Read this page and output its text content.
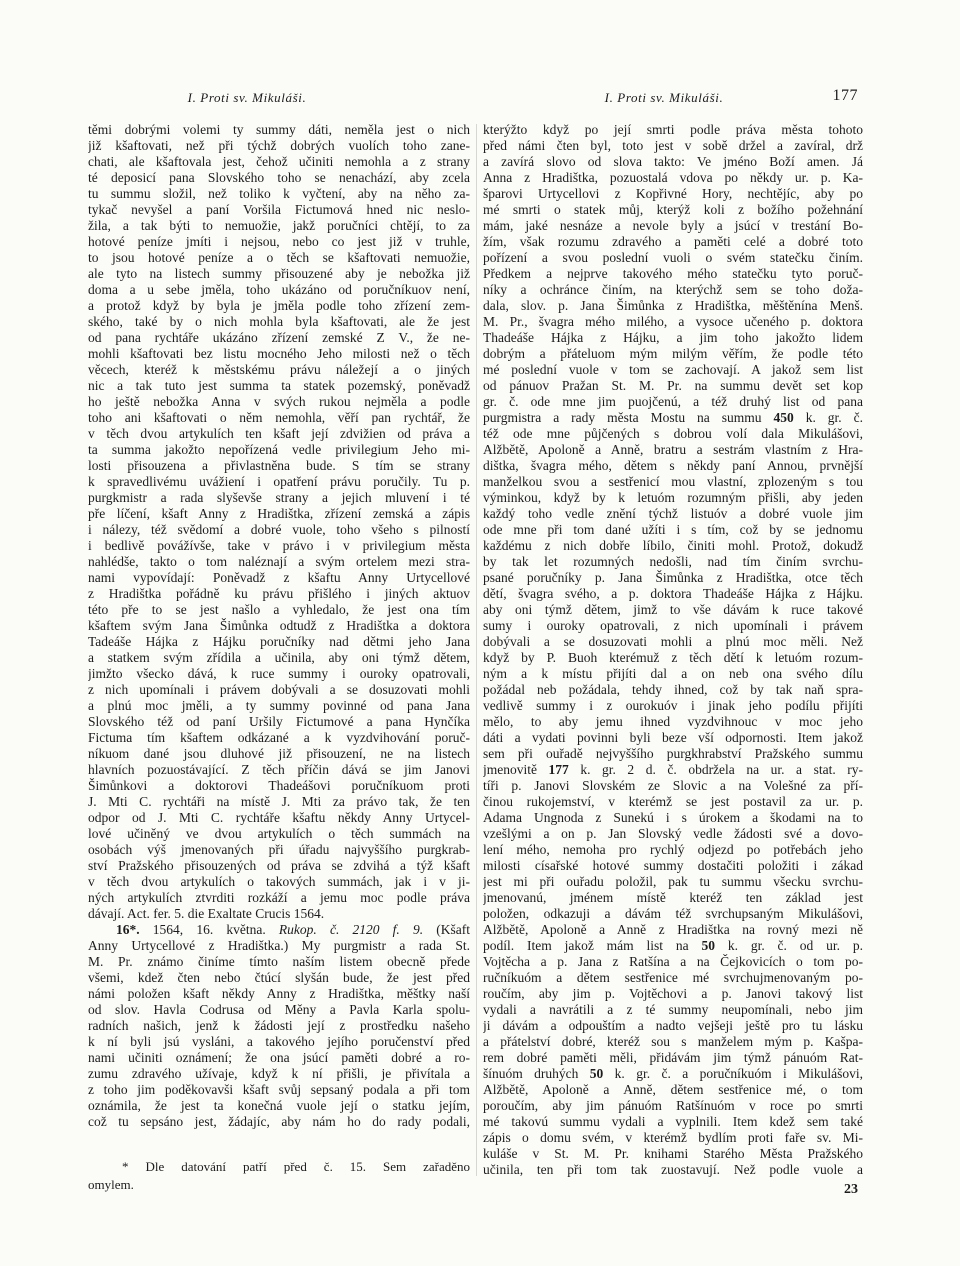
I. Proti sv. Mikuláši.	I. Proti sv. Mikuláši.	177
těmi dobrými volemi ty summy dáti, neměla jest o nich
již kšaftovati, než při týchž dobrých vuolích toho zane-
chati, ale kšaftovala jest, čehož učiniti nemohla a z strany
té deposicí pana Slovského toho se nenachází, aby zcela
tu summu složil, než toliko k vyčtení, aby na něho za-
tykač nevyšel a paní Voršila Fictumová hned nic neslo-
žila, a tak býti to nemuožie, jakž poručníci chtějí, to za
hotové peníze jmíti i nejsou, nebo co jest již v truhle,
to jsou hotové peníze a o těch se kšaftovati nemuožie,
ale tyto na listech summy přisouzené aby je nebožka již
doma a u sebe jměla, toho ukázáno od poručníkuov není,
a protož když by byla je jměla podle toho zřízení zem-
ského, také by o nich mohla byla kšaftovati, ale že jest
od pana rychtáře ukázáno zřízení zemské Z V., že ne-
mohli kšaftovati bez listu mocného Jeho milosti než o těch
věcech, kteréž k městskému právu náležejí a o jiných
nic a tak tuto jest summa ta statek pozemský, poněvadž
ho ještě nebožka Anna v svých rukou nejměla a podle
toho ani kšaftovati o něm nemohla, věří pan rychtář, že
v těch dvou artykulích ten kšaft její zdvižien od práva a
ta summa jakožto nepořízená vedle privilegium Jeho mi-
losti přisouzena a přivlastněna bude. S tím se strany
k spravedlivému uvážiení i opatření právu poručily. Tu p.
purgkmistr a rada slyševše strany a jejich mluvení i té
pře líčení, kšaft Anny z Hradištka, zřízení zemská a zápis
i nálezy, též svědomí a dobré vuole, toho všeho s pilností
i bedlivě povážívše, take v právo i v privilegium města
nahlédše, takto o tom naléznají a svým ortelem mezi stra-
nami vypovídají: Poněvadž z kšaftu Anny Urtycellové
z Hradištka pořádně ku právu přišlého i jiných aktuov
této pře to se jest našlo a vyhledalo, že jest ona tím
kšaftem svým Jana Šimůnka odtudž z Hradištka a doktora
Tadeáše Hájka z Hájku poručníky nad dětmi jeho Jana
a statkem svým zřídila a učinila, aby oni týmž dětem,
jimžto všecko dává, k ruce summy i ouroky opatrovali,
z nich upomínali i právem dobývali a se dosuzovati mohli
a plnú moc jměli, a ty summy povinné od pana Jana
Slovského též od paní Uršily Fictumové a pana Hynčíka
Fictuma tím kšaftem odkázané a k vyzdvihování poruč-
níkuom dané jsou dluhové již přisouzení, ne na listech
hlavních pozuostávající. Z těch příčin dává se jim Janovi
Šimůnkovi a doktorovi Thadeášovi poručníkuom proti
J. Mti C. rychtáři na místě J. Mti za právo tak, že ten
odpor od J. Mti C. rychtáře kšaftu někdy Anny Urtycel-
lové učiněný ve dvou artykulích o těch summách na
osobách výš jmenovaných při úřadu najvyššího purgkrab-
ství Pražského přisouzených od práva se zdvihá a týž kšaft
v těch dvou artykulích o takových summách, jak i v ji-
ných artykulích ztvrditi rozkáží a jemu moc podle práva
dávají. Act. fer. 5. die Exaltate Crucis 1564.
16*. 1564, 16. května. Rukop. č. 2120 f. 9. (Kšaft
Anny Urtycellové z Hradištka.) My purgmistr a rada St.
M. Pr. známo činíme tímto naším listem obecně přede
všemi, kdež čten nebo čtúcí slyšán bude, že jest před
námi položen kšaft někdy Anny z Hradištka, měštky naší
od slov. Havla Codrusa od Měny a Pavla Karla spolu-
radních našich, jenž k žádosti její z prostředku našeho
k ní byli jsú vysláni, a takového jejího poručenství před
nami učiniti oznámení; že ona jsúcí paměti dobré a ro-
zumu zdravého užívaje, když k ní přišli, je přivítala a
z toho jim poděkovavši kšaft svůj sepsaný podala a při tom
oznámila, že jest ta konečná vuole její o statku jejím,
což tu sepsáno jest, žádajíc, aby nám ho do rady podali,
kterýžto když po její smrti podle práva města tohoto
před námi čten byl, toto jest v sobě držel a zavíral, drž
a zavírá slovo od slova takto: Ve jméno Boží amen. Já
Anna z Hradištka, pozuostalá vdova po někdy ur. p. Ka-
šparovi Urtycellovi z Kopřivné Hory, nechtějíc, aby po
mé smrti o statek můj, kterýž koli z božího požehnání
mám, jaké nesnáze a nevole byly a jsúcí v trestání Bo-
žím, však rozumu zdravého a paměti celé a dobré toto
pořízení a svou poslední vuoli o svém statečku činím.
Předkem a nejprve takového mého statečku tyto poruč-
níky a ochránce činím, na kterýchž sem se toho doža-
dala, slov. p. Jana Šimůnka z Hradištka, měštěnína Menš.
M. Pr., švagra mého milého, a vysoce učeného p. doktora
Thadeáše Hájka z Hájku, a jim toho jakožto lidem
dobrým a přáteluom mým milým věřím, že podle této
mé poslední vuole v tom se zachovají. A jakož sem list
od pánuov Pražan St. M. Pr. na summu devět set kop
gr. č. ode mne jim puojčenú, a též druhý list od pana
purgmistra a rady města Mostu na summu 450 k. gr. č.
též ode mne půjčených s dobrou volí dala Mikulášovi,
Alžbětě, Apoloně a Anně, bratru a sestrám vlastním z Hra-
dištka, švagra mého, dětem s někdy paní Annou, prvnější
manželkou svou a sestřenicí mou vlastní, zplozeným s tou
výminkou, když by k letuóm rozumným přišli, aby jeden
každý toho vedle znění týchž listuóv a dobré vuole jim
ode mne při tom dané užíti i s tím, což by se jednomu
každému z nich dobře líbilo, činiti mohl. Protož, dokudž
by tak let rozumných nedošli, nad tím činím svrchu-
psané poručníky p. Jana Šimůnka z Hradištka, otce těch
dětí, švagra svého, a p. doktora Thadeáše Hájka z Hájku.
aby oni týmž dětem, jimž to vše dávám k ruce takové
sumy i ouroky opatrovali, z nich upomínali i právem
dobývali a se dosuzovati mohli a plnú moc měli. Než
když by P. Buoh kterémuž z těch dětí k letuóm rozum-
ným a k místu přijíti dal a on neb ona svého dílu
požádal neb požádala, tehdy ihned, což by tak naň spra-
vedlivě summy i z ourokuóv i jinak jeho podílu přijíti
mělo, to aby jemu ihned vyzdvihnouc v moc jeho
dáti a vydati povinni byli beze vší odpornosti. Item jakož
sem při ouřadě nejvyššího purgkhrabství Pražského summu
jmenovitě 177 k. gr. 2 d. č. obdržela na ur. a stat. ry-
tíři p. Janovi Slovském ze Slovic a na Volešné za pří-
činou rukojemství, v kterémž se jest postavil za ur. p.
Adama Ungnoda z Sunekú i s úrokem a škodami na to
vzešlými a on p. Jan Slovský vedle žádosti své a dovo-
lení mého, nemoha pro rychlý odjezd po potřebách jeho
milosti císařské hotové summy dostačiti položiti i zákad
jest mi při ouřadu položil, pak tu summu všecku svrchu-
jmenovanú, jménem místě kteréž ten základ jest
položen, odkazuji a dávám též svrchupsaným Mikulášovi,
Alžbětě, Apoloně a Anně z Hradištka na rovný mezi ně
podíl. Item jakož mám list na 50 k. gr. č. od ur. p.
Vojtěcha a p. Jana z Ratšína a na Čejkovicích o tom po-
ručníkuóm a dětem sestřenice mé svrchujmenovaným po-
roučím, aby jim p. Vojtěchovi a p. Janovi takový list
vydali a navrátili a z té summy neupomínali, nebo jim
ji dávám a odpouštím a nadto vejšeji ještě pro tu lásku
a přátelství dobré, kteréž sou s manželem mým p. Kašpa-
rem dobré paměti měli, přidávám jim týmž pánuóm Rat-
šínuóm druhých 50 k. gr. č. a poručníkuóm i Mikulášovi,
Alžbětě, Apoloně a Anně, dětem sestřenice mé, o tom
poroučím, aby jim pánuóm Ratšínuóm v roce po smrti
mé takovú summu vydali a vyplnili. Item kdež sem také
zápis o domu svém, v kterémž bydlím proti faře sv. Mi-
kuláše v St. M. Pr. knihami Starého Města Pražského
učinila, ten při tom tak zuostavují. Než podle vuole a
* Dle datování patří před č. 15. Sem zařaděno
omylem.	23
